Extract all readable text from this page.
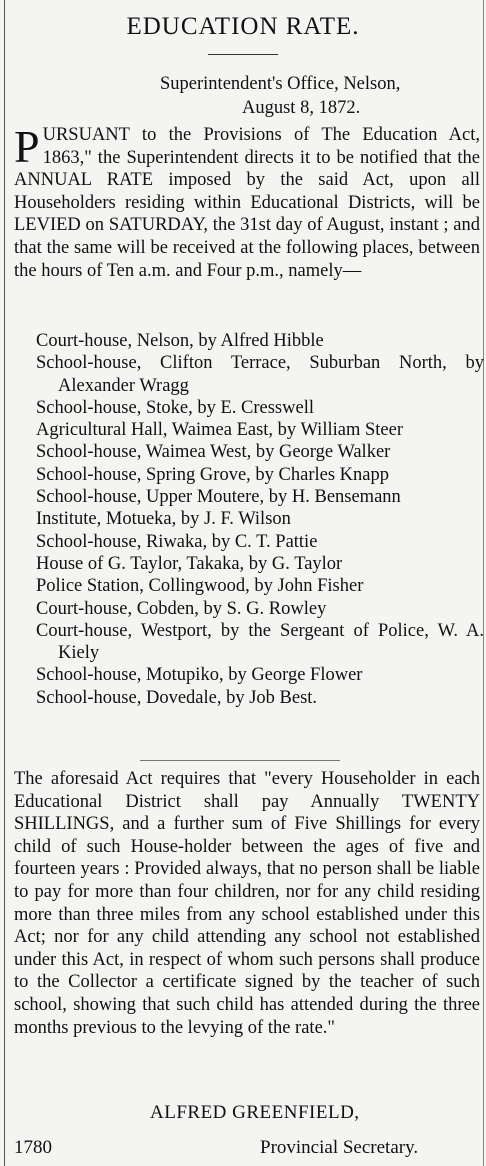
EDUCATION RATE.
Superintendent's Office, Nelson,
August 8, 1872.
PURSUANT to the Provisions of The Education Act, 1863," the Superintendent directs it to be notified that the ANNUAL RATE imposed by the said Act, upon all Householders residing within Educational Districts, will be LEVIED on SATURDAY, the 31st day of August, instant ; and that the same will be received at the following places, between the hours of Ten a.m. and Four p.m., namely—
Court-house, Nelson, by Alfred Hibble
School-house, Clifton Terrace, Suburban North, by Alexander Wragg
School-house, Stoke, by E. Cresswell
Agricultural Hall, Waimea East, by William Steer
School-house, Waimea West, by George Walker
School-house, Spring Grove, by Charles Knapp
School-house, Upper Moutere, by H. Bensemann
Institute, Motueka, by J. F. Wilson
School-house, Riwaka, by C. T. Pattie
House of G. Taylor, Takaka, by G. Taylor
Police Station, Collingwood, by John Fisher
Court-house, Cobden, by S. G. Rowley
Court-house, Westport, by the Sergeant of Police, W. A. Kiely
School-house, Motupiko, by George Flower
School-house, Dovedale, by Job Best.
The aforesaid Act requires that "every Householder in each Educational District shall pay Annually TWENTY SHILLINGS, and a further sum of Five Shillings for every child of such House-holder between the ages of five and fourteen years : Provided always, that no person shall be liable to pay for more than four children, nor for any child residing more than three miles from any school established under this Act; nor for any child attending any school not established under this Act, in respect of whom such persons shall produce to the Collector a certificate signed by the teacher of such school, showing that such child has attended during the three months previous to the levying of the rate."
ALFRED GREENFIELD,
1780	Provincial Secretary.
